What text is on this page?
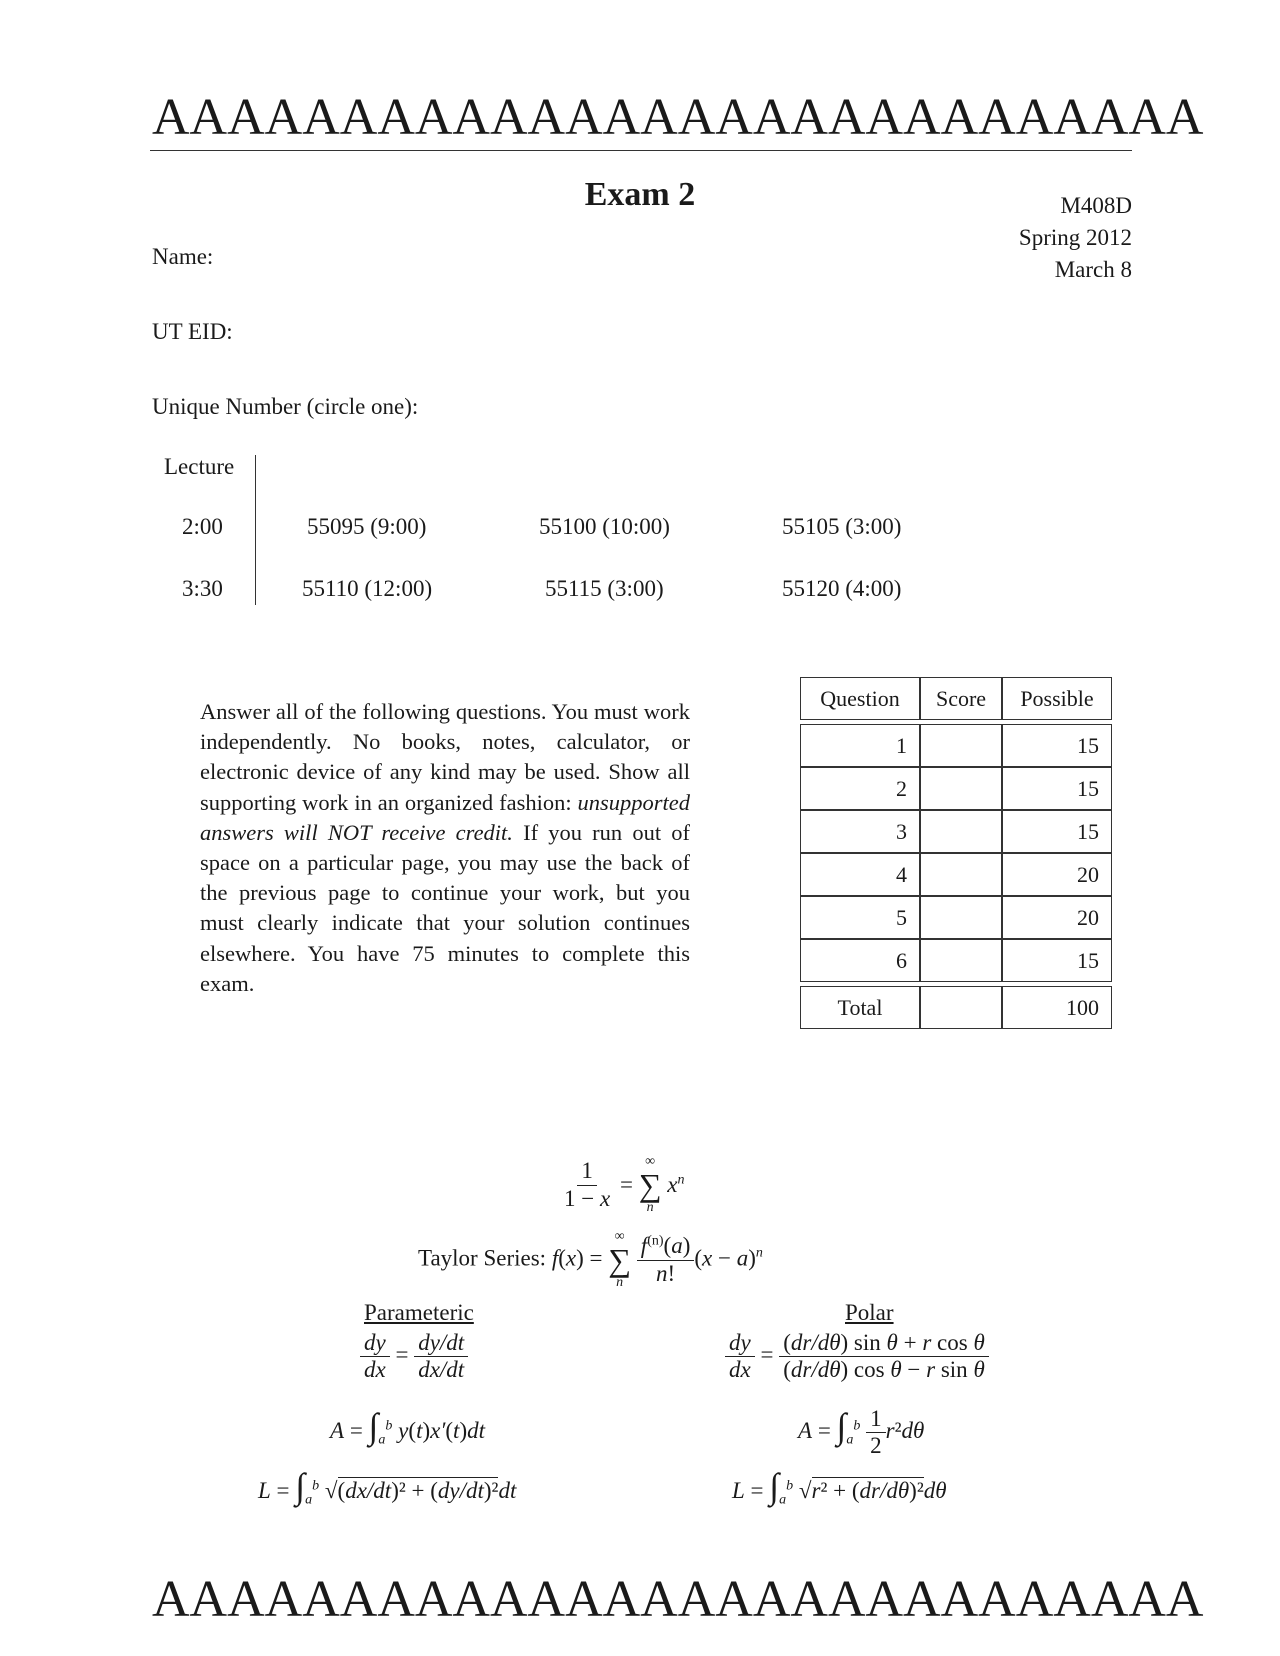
AAAAAAAAAAAAAAAAAAAAAAAAAAAA
Exam 2	M408D
Spring 2012
March 8
Name:
UT EID:
Unique Number (circle one):
Lecture
2:00	55095 (9:00)	55100 (10:00)	55105 (3:00)
3:30	55110 (12:00)	55115 (3:00)	55120 (4:00)
Answer all of the following questions. You must work independently. No books, notes, calculator, or electronic device of any kind may be used. Show all supporting work in an organized fashion: unsupported answers will NOT receive credit. If you run out of space on a particular page, you may use the back of the previous page to continue your work, but you must clearly indicate that your solution continues elsewhere. You have 75 minutes to complete this exam.
Question	Score	Possible

1		15
2		15
3		15
4		20
5		20
6		15

Total		100
$\frac{1}{1 - x}$ =
∞
∑
n
$x^n$
Taylor Series: f(x) =
∞
∑
n
$\frac{f^{(n)}(a)}{n!} (x - a)^n$
Parameteric	Polar
$\frac{dy}{dx} = \frac{dy/dt}{dx/dt}$
$A = \int_a^b$ y(t)x′(t)dt
$L = \int_a^b$ √(dx/dt)² + (dy/dt)²dt
$\frac{dy}{dx} = \frac{\text{(dr/dθ) sin θ + r cos θ}}{\text{(dr/dθ) cos θ − r sin θ}}$
$A = \int_a^b \frac{1}{2} r^2d\theta$
$L = \int_a^b$ √r² + (dr/dθ)²dθ
AAAAAAAAAAAAAAAAAAAAAAAAAAAA
